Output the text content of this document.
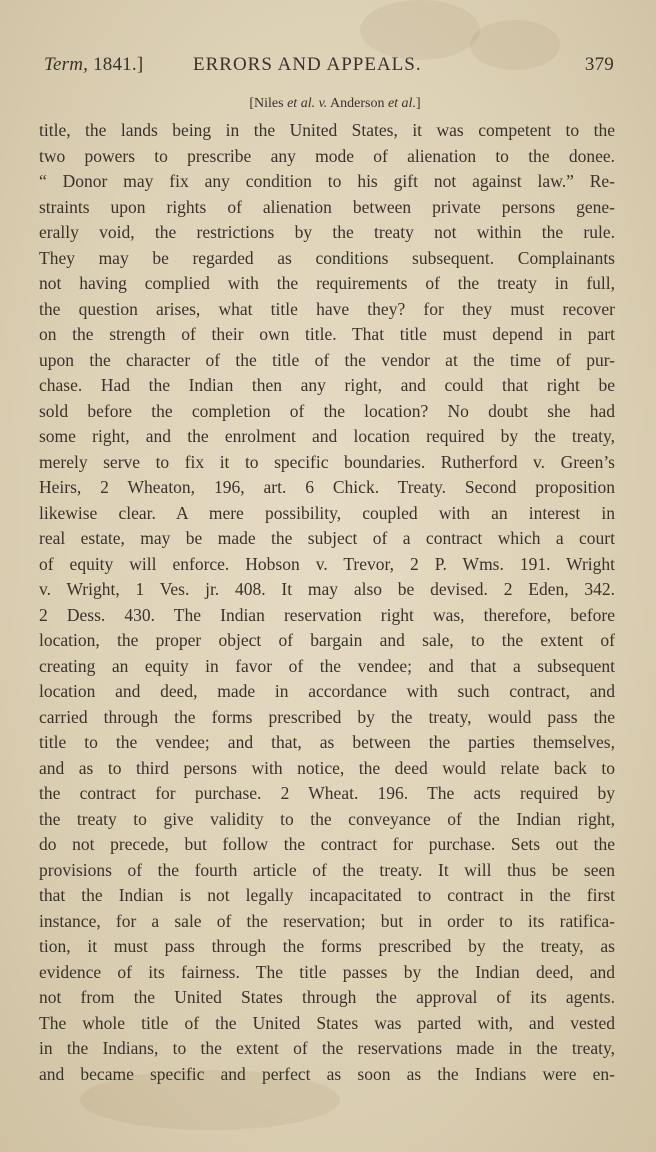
Term, 1841.]	ERRORS AND APPEALS.	379
[Niles et al. v. Anderson et al.]
title, the lands being in the United States, it was competent to the
two powers to prescribe any mode of alienation to the donee.
“ Donor may fix any condition to his gift not against law.” Re-
straints upon rights of alienation between private persons gene-
erally void, the restrictions by the treaty not within the rule.
They may be regarded as conditions subsequent. Complainants
not having complied with the requirements of the treaty in full,
the question arises, what title have they? for they must recover
on the strength of their own title. That title must depend in part
upon the character of the title of the vendor at the time of pur-
chase. Had the Indian then any right, and could that right be
sold before the completion of the location? No doubt she had
some right, and the enrolment and location required by the treaty,
merely serve to fix it to specific boundaries. Rutherford v. Green’s
Heirs, 2 Wheaton, 196, art. 6 Chick. Treaty. Second proposition
likewise clear. A mere possibility, coupled with an interest in
real estate, may be made the subject of a contract which a court
of equity will enforce. Hobson v. Trevor, 2 P. Wms. 191. Wright
v. Wright, 1 Ves. jr. 408. It may also be devised. 2 Eden, 342.
2 Dess. 430. The Indian reservation right was, therefore, before
location, the proper object of bargain and sale, to the extent of
creating an equity in favor of the vendee; and that a subsequent
location and deed, made in accordance with such contract, and
carried through the forms prescribed by the treaty, would pass the
title to the vendee; and that, as between the parties themselves,
and as to third persons with notice, the deed would relate back to
the contract for purchase. 2 Wheat. 196. The acts required by
the treaty to give validity to the conveyance of the Indian right,
do not precede, but follow the contract for purchase. Sets out the
provisions of the fourth article of the treaty. It will thus be seen
that the Indian is not legally incapacitated to contract in the first
instance, for a sale of the reservation; but in order to its ratifica-
tion, it must pass through the forms prescribed by the treaty, as
evidence of its fairness. The title passes by the Indian deed, and
not from the United States through the approval of its agents.
The whole title of the United States was parted with, and vested
in the Indians, to the extent of the reservations made in the treaty,
and became specific and perfect as soon as the Indians were en-
